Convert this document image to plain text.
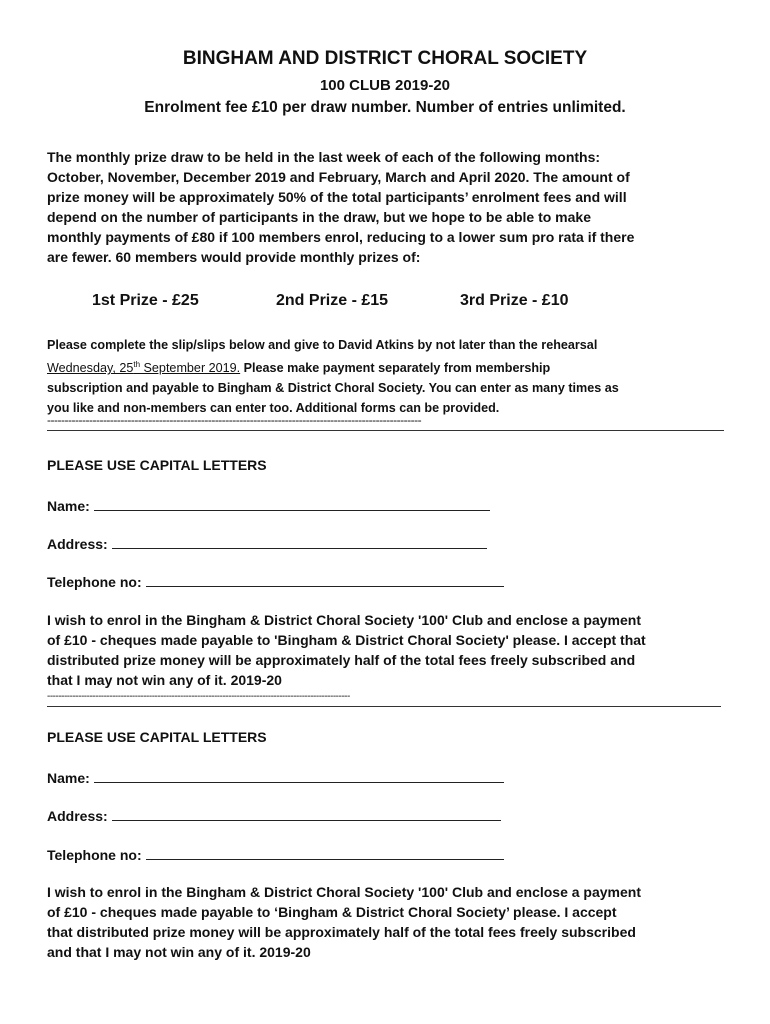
BINGHAM AND DISTRICT CHORAL SOCIETY
100 CLUB 2019-20
Enrolment fee £10 per draw number. Number of entries unlimited.
The monthly prize draw to be held in the last week of each of the following months:
October, November, December 2019 and February, March and April 2020. The amount of
prize money will be approximately 50% of the total participants’ enrolment fees and will
depend on the number of participants in the draw, but we hope to be able to make
monthly payments of £80 if 100 members enrol, reducing to a lower sum pro rata if there
are fewer. 60 members would provide monthly prizes of:
1st Prize - £25	2nd Prize - £15	3rd Prize - £10
Please complete the slip/slips below and give to David Atkins by not later than the rehearsal
Wednesday, 25th September 2019. Please make payment separately from membership
subscription and payable to Bingham & District Choral Society. You can enter as many times as
you like and non-members can enter too. Additional forms can be provided.
-----------------------------------------------------------------------------------------------------------
PLEASE USE CAPITAL LETTERS
Name:
Address:
Telephone no:
I wish to enrol in the Bingham & District Choral Society '100' Club and enclose a payment
of £10 - cheques made payable to 'Bingham & District Choral Society' please. I accept that
distributed prize money will be approximately half of the total fees freely subscribed and
that I may not win any of it. 2019-20
-----------------------------------------------------------------------------------------------------------
PLEASE USE CAPITAL LETTERS
Name:
Address:
Telephone no:
I wish to enrol in the Bingham & District Choral Society '100' Club and enclose a payment
of £10 - cheques made payable to ‘Bingham & District Choral Society’ please. I accept
that distributed prize money will be approximately half of the total fees freely subscribed
and that I may not win any of it. 2019-20
